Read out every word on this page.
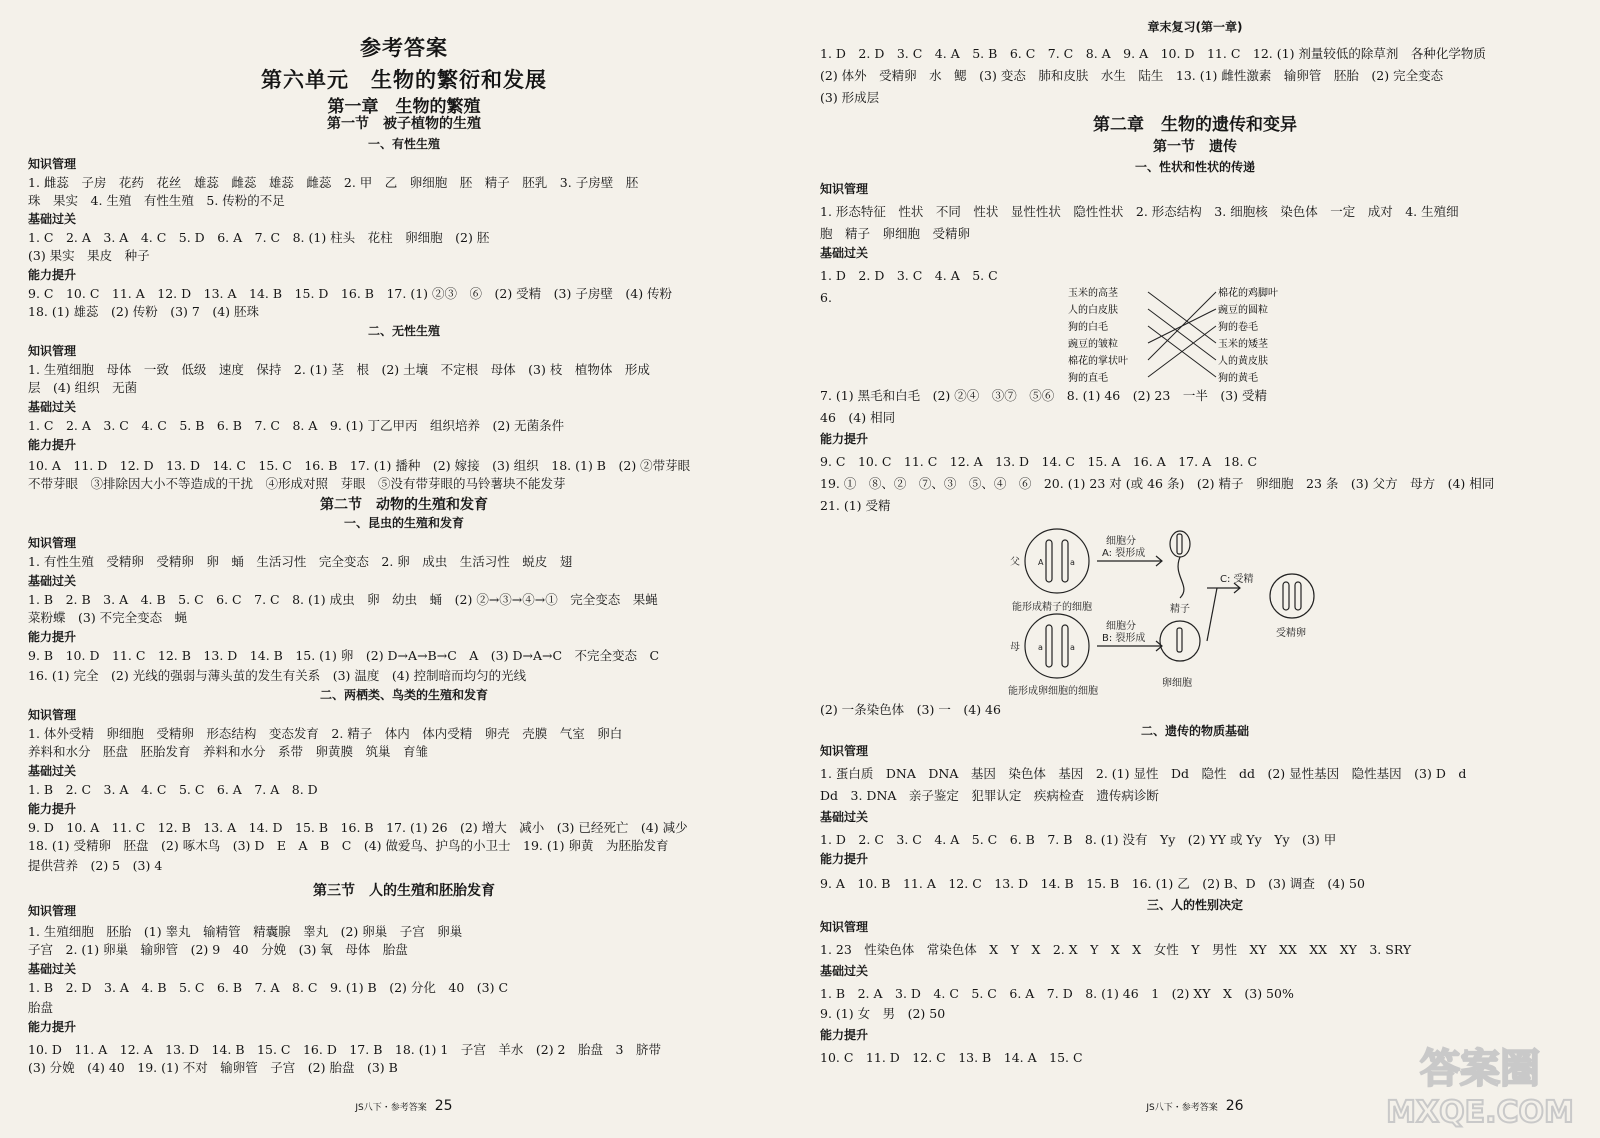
参考答案
第六单元　生物的繁衍和发展
第一章　生物的繁殖
第一节　被子植物的生殖
一、有性生殖
知识管理
1. 雌蕊　子房　花药　花丝　雄蕊　雌蕊　雄蕊　雌蕊　2. 甲　乙　卵细胞　胚　精子　胚乳　3. 子房壁　胚
珠　果实　4. 生殖　有性生殖　5. 传粉的不足
基础过关
1. C　2. A　3. A　4. C　5. D　6. A　7. C　8. (1) 柱头　花柱　卵细胞　(2) 胚
(3) 果实　果皮　种子
能力提升
9. C　10. C　11. A　12. D　13. A　14. B　15. D　16. B　17. (1) ②③　⑥　(2) 受精　(3) 子房壁　(4) 传粉
18. (1) 雄蕊　(2) 传粉　(3) 7　(4) 胚珠
二、无性生殖
知识管理
1. 生殖细胞　母体　一致　低级　速度　保持　2. (1) 茎　根　(2) 土壤　不定根　母体　(3) 枝　植物体　形成
层　(4) 组织　无菌
基础过关
1. C　2. A　3. C　4. C　5. B　6. B　7. C　8. A　9. (1) 丁乙甲丙　组织培养　(2) 无菌条件
能力提升
10. A　11. D　12. D　13. D　14. C　15. C　16. B　17. (1) 播种　(2) 嫁接　(3) 组织　18. (1) B　(2) ②带芽眼
不带芽眼　③排除因大小不等造成的干扰　④形成对照　芽眼　⑤没有带芽眼的马铃薯块不能发芽
第二节　动物的生殖和发育
一、昆虫的生殖和发育
知识管理
1. 有性生殖　受精卵　受精卵　卵　蛹　生活习性　完全变态　2. 卵　成虫　生活习性　蜕皮　翅
基础过关
1. B　2. B　3. A　4. B　5. C　6. C　7. C　8. (1) 成虫　卵　幼虫　蛹　(2) ②→③→④→①　完全变态　果蝇
菜粉蝶　(3) 不完全变态　蝇
能力提升
9. B　10. D　11. C　12. B　13. D　14. B　15. (1) 卵　(2) D→A→B→C　A　(3) D→A→C　不完全变态　C
16. (1) 完全　(2) 光线的强弱与薄头茧的发生有关系　(3) 温度　(4) 控制暗而均匀的光线
二、两栖类、鸟类的生殖和发育
知识管理
1. 体外受精　卵细胞　受精卵　形态结构　变态发育　2. 精子　体内　体内受精　卵壳　壳膜　气室　卵白
养料和水分　胚盘　胚胎发育　养料和水分　系带　卵黄膜　筑巢　育雏
基础过关
1. B　2. C　3. A　4. C　5. C　6. A　7. A　8. D
能力提升
9. D　10. A　11. C　12. B　13. A　14. D　15. B　16. B　17. (1) 26　(2) 增大　减小　(3) 已经死亡　(4) 减少
18. (1) 受精卵　胚盘　(2) 啄木鸟　(3) D　E　A　B　C　(4) 做爱鸟、护鸟的小卫士　19. (1) 卵黄　为胚胎发育
提供营养　(2) 5　(3) 4
第三节　人的生殖和胚胎发育
知识管理
1. 生殖细胞　胚胎　(1) 睾丸　输精管　精囊腺　睾丸　(2) 卵巢　子宫　卵巢
子宫　2. (1) 卵巢　输卵管　(2) 9　40　分娩　(3) 氧　母体　胎盘
基础过关
1. B　2. D　3. A　4. B　5. C　6. B　7. A　8. C　9. (1) B　(2) 分化　40　(3) C
胎盘
能力提升
10. D　11. A　12. A　13. D　14. B　15. C　16. D　17. B　18. (1) 1　子宫　羊水　(2) 2　胎盘　3　脐带
(3) 分娩　(4) 40　19. (1) 不对　输卵管　子宫　(2) 胎盘　(3) B
JS八下・参考答案 25
玉米的高茎
人的白皮肤
狗的白毛
豌豆的皱粒
棉花的掌状叶
狗的直毛
棉花的鸡脚叶
豌豆的圆粒
狗的卷毛
玉米的矮茎
人的黄皮肤
狗的黄毛
父
母
A	a
a	a
细胞分
A: 裂形成
细胞分
B: 裂形成
精子
卵细胞
能形成精子的细胞
能形成卵细胞的细胞
C: 受精
受精卵
章末复习(第一章)
1. D　2. D　3. C　4. A　5. B　6. C　7. C　8. A　9. A　10. D　11. C　12. (1) 剂量较低的除草剂　各种化学物质
(2) 体外　受精卵　水　鳃　(3) 变态　肺和皮肤　水生　陆生　13. (1) 雌性激素　输卵管　胚胎　(2) 完全变态
(3) 形成层
第二章　生物的遗传和变异
第一节　遗传
一、性状和性状的传递
知识管理
1. 形态特征　性状　不同　性状　显性性状　隐性性状　2. 形态结构　3. 细胞核　染色体　一定　成对　4. 生殖细
胞　精子　卵细胞　受精卵
基础过关
1. D　2. D　3. C　4. A　5. C
6.
7. (1) 黑毛和白毛　(2) ②④　③⑦　⑤⑥　8. (1) 46　(2) 23　一半　(3) 受精
46　(4) 相同
能力提升
9. C　10. C　11. C　12. A　13. D　14. C　15. A　16. A　17. A　18. C
19. ①　⑧、②　⑦、③　⑤、④　⑥　20. (1) 23 对 (或 46 条)　(2) 精子　卵细胞　23 条　(3) 父方　母方　(4) 相同
21. (1) 受精
(2) 一条染色体　(3) 一　(4) 46
二、遗传的物质基础
知识管理
1. 蛋白质　DNA　DNA　基因　染色体　基因　2. (1) 显性　Dd　隐性　dd　(2) 显性基因　隐性基因　(3) D　d
Dd　3. DNA　亲子鉴定　犯罪认定　疾病检查　遗传病诊断
基础过关
1. D　2. C　3. C　4. A　5. C　6. B　7. B　8. (1) 没有　Yy　(2) YY 或 Yy　Yy　(3) 甲
能力提升
9. A　10. B　11. A　12. C　13. D　14. B　15. B　16. (1) 乙　(2) B、D　(3) 调查　(4) 50
三、人的性别决定
知识管理
1. 23　性染色体　常染色体　X　Y　X　2. X　Y　X　X　女性　Y　男性　XY　XX　XX　XY　3. SRY
基础过关
1. B　2. A　3. D　4. C　5. C　6. A　7. D　8. (1) 46　1　(2) XY　X　(3) 50%
9. (1) 女　男　(2) 50
能力提升
10. C　11. D　12. C　13. B　14. A　15. C
JS八下・参考答案 26
答案圈
MXQE.COM
